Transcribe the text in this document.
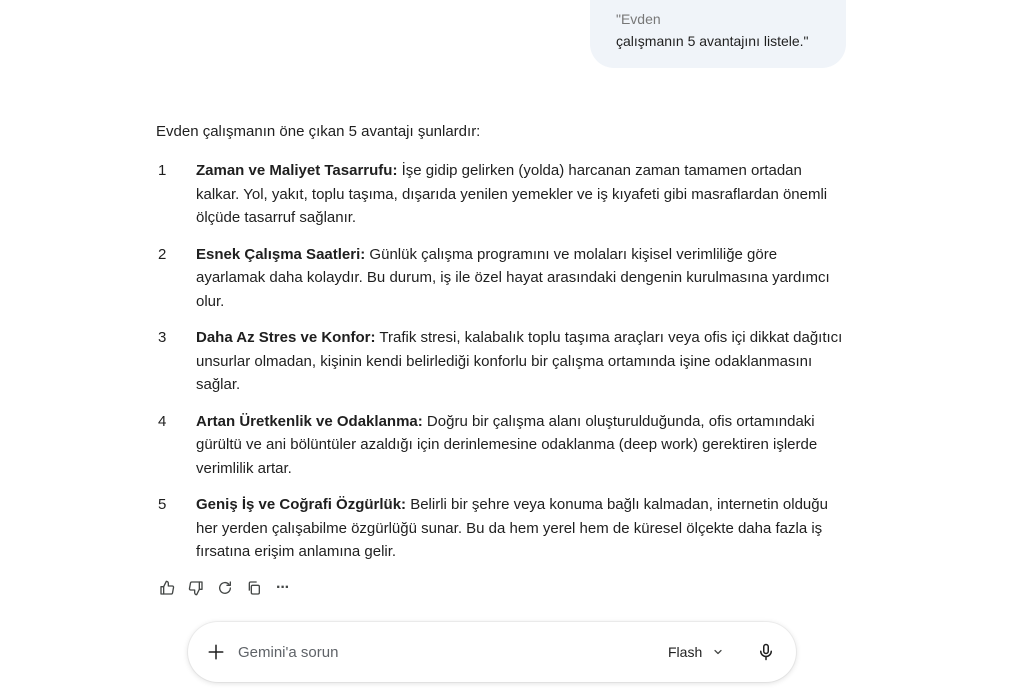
"Evden
çalışmanın 5 avantajını listele."

Evden çalışmanın öne çıkan 5 avantajı şunlardır:

1	Zaman ve Maliyet Tasarrufu: İşe gidip gelirken (yolda) harcanan zaman tamamen ortadan kalkar. Yol, yakıt, toplu taşıma, dışarıda yenilen yemekler ve iş kıyafeti gibi masraflardan önemli ölçüde tasarruf sağlanır.
2	Esnek Çalışma Saatleri: Günlük çalışma programını ve molaları kişisel verimliliğe göre ayarlamak daha kolaydır. Bu durum, iş ile özel hayat arasındaki dengenin kurulmasına yardımcı olur.
3	Daha Az Stres ve Konfor: Trafik stresi, kalabalık toplu taşıma araçları veya ofis içi dikkat dağıtıcı unsurlar olmadan, kişinin kendi belirlediği konforlu bir çalışma ortamında işine odaklanmasını sağlar.
4	Artan Üretkenlik ve Odaklanma: Doğru bir çalışma alanı oluşturulduğunda, ofis ortamındaki gürültü ve ani bölüntüler azaldığı için derinlemesine odaklanma (deep work) gerektiren işlerde verimlilik artar.
5	Geniş İş ve Coğrafi Özgürlük: Belirli bir şehre veya konuma bağlı kalmadan, internetin olduğu her yerden çalışabilme özgürlüğü sunar. Bu da hem yerel hem de küresel ölçekte daha fazla iş fırsatına erişim anlamına gelir.
···
Gemini'a sorun
Flash
